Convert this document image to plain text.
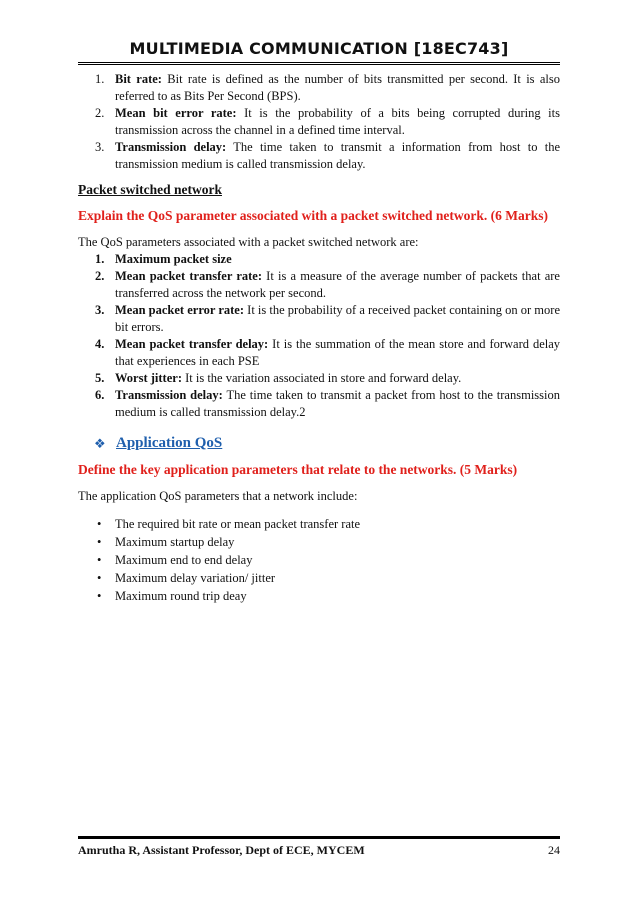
MULTIMEDIA COMMUNICATION [18EC743]
1. Bit rate: Bit rate is defined as the number of bits transmitted per second. It is also referred to as Bits Per Second (BPS).
2. Mean bit error rate: It is the probability of a bits being corrupted during its transmission across the channel in a defined time interval.
3. Transmission delay: The time taken to transmit a information from host to the transmission medium is called transmission delay.
Packet switched network
Explain the QoS parameter associated with a packet switched network. (6 Marks)
The QoS parameters associated with a packet switched network are:
1. Maximum packet size
2. Mean packet transfer rate: It is a measure of the average number of packets that are transferred across the network per second.
3. Mean packet error rate: It is the probability of a received packet containing on or more bit errors.
4. Mean packet transfer delay: It is the summation of the mean store and forward delay that experiences in each PSE
5. Worst jitter: It is the variation associated in store and forward delay.
6. Transmission delay: The time taken to transmit a packet from host to the transmission medium is called transmission delay.2
❖ Application QoS
Define the key application parameters that relate to the networks. (5 Marks)
The application QoS parameters that a network include:
• The required bit rate or mean packet transfer rate
• Maximum startup delay
• Maximum end to end delay
• Maximum delay variation/ jitter
• Maximum round trip deay
Amrutha R, Assistant Professor, Dept of ECE, MYCEM	24
